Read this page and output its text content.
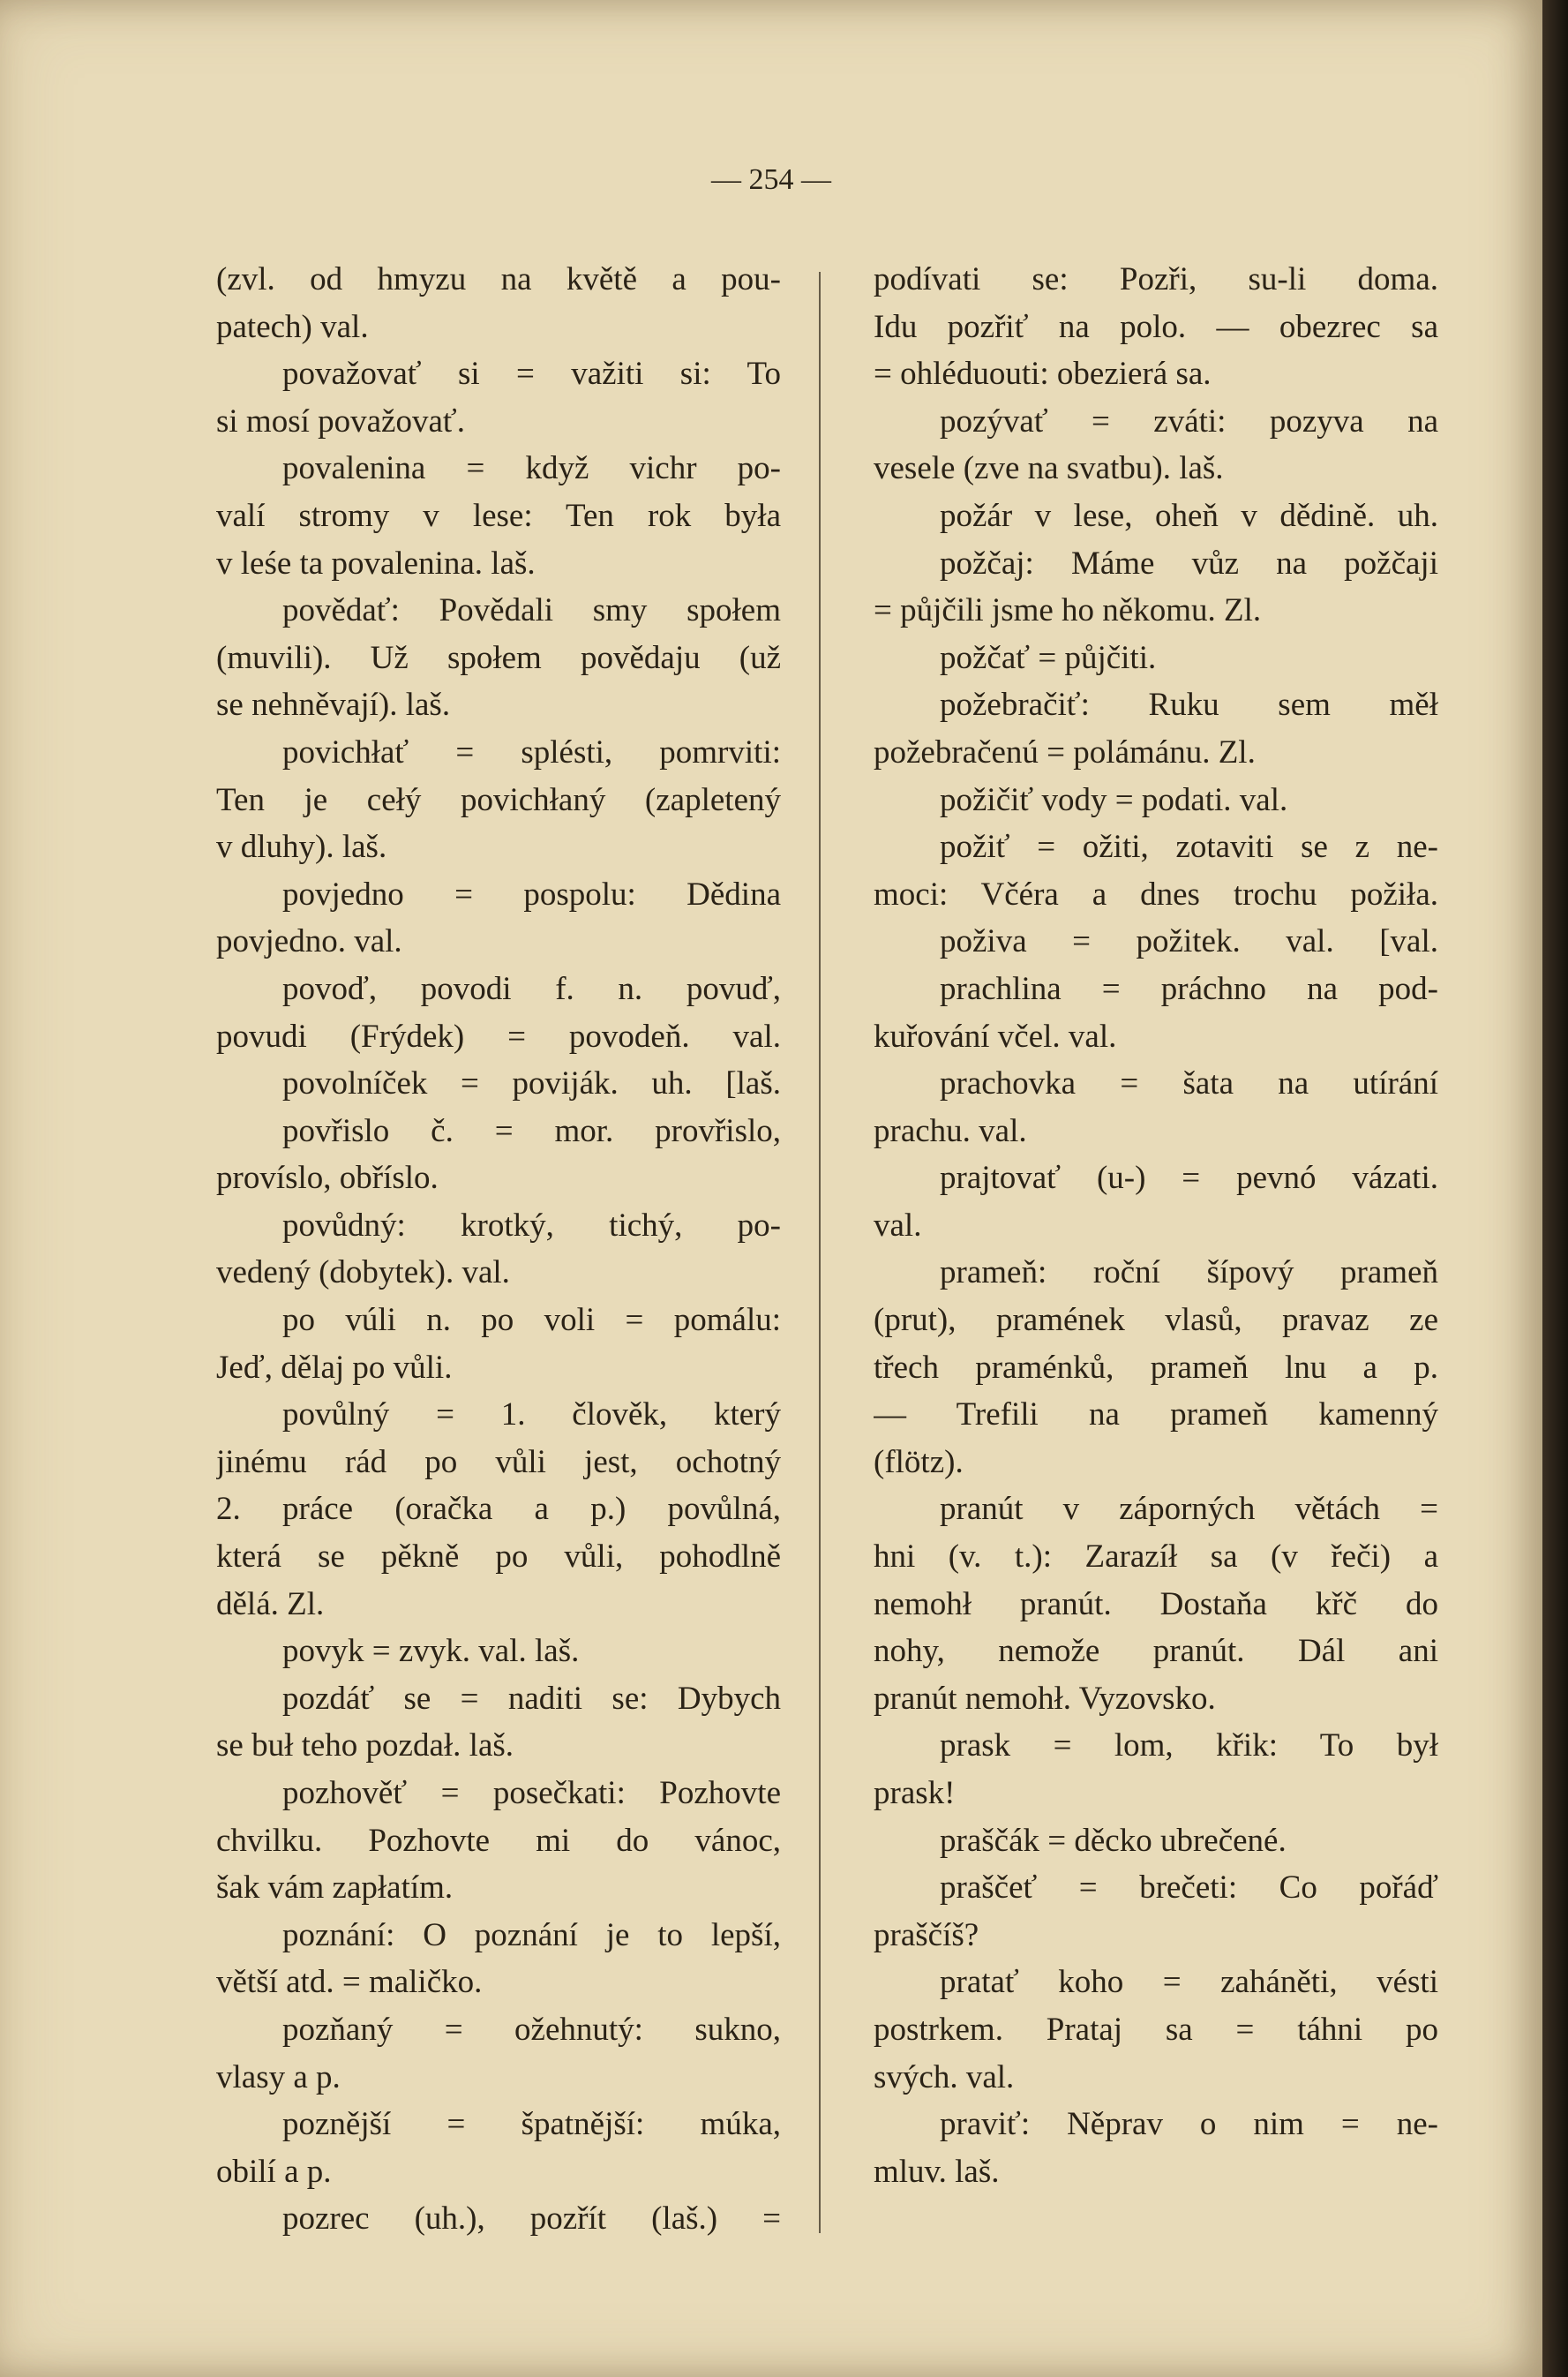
— 254 —
(zvl. od hmyzu na květě a pou-
patech) val.
považovať si = važiti si: To
si mosí považovať.
povalenina = když vichr po-
valí stromy v lese: Ten rok była
v leśe ta povalenina. laš.
povědať: Povědali smy społem
(muvili). Už społem povědaju (už
se nehněvají). laš.
povichłať = splésti, pomrviti:
Ten je cełý povichłaný (zapletený
v dluhy). laš.
povjedno = pospolu: Dědina
povjedno. val.
povoď, povodi f. n. povuď,
povudi (Frýdek) = povodeň. val.
povolníček = poviják. uh. [laš.
povřislo č. = mor. provřislo,
províslo, obříslo.
povůdný: krotký, tichý, po-
vedený (dobytek). val.
po vúli n. po voli = pomálu:
Jeď, dělaj po vůli.
povůlný = 1. člověk, který
jinému rád po vůli jest, ochotný
2. práce (oračka a p.) povůlná,
která se pěkně po vůli, pohodlně
dělá. Zl.
povyk = zvyk. val. laš.
pozdáť se = naditi se: Dybych
se buł teho pozdał. laš.
pozhověť = posečkati: Pozhovte
chvilku. Pozhovte mi do vánoc,
šak vám zapłatím.
poznání: O poznání je to lepší,
větší atd. = maličko.
pozňaný = ožehnutý: sukno,
vlasy a p.
poznější = špatnější: múka,
obilí a p.
pozrec (uh.), pozřít (laš.) =
podívati se: Pozři, su-li doma.
Idu pozřiť na polo. — obezrec sa
= ohléduouti: obezierá sa.
pozývať = zváti: pozyva na
vesele (zve na svatbu). laš.
požár v lese, oheň v dědině. uh.
požčaj: Máme vůz na požčaji
= půjčili jsme ho někomu. Zl.
požčať = půjčiti.
požebračiť: Ruku sem měł
požebračenú = polámánu. Zl.
požičiť vody = podati. val.
požiť = ožiti, zotaviti se z ne-
moci: Včéra a dnes trochu požiła.
poživa = požitek. val. [val.
prachlina = práchno na pod-
kuřování včel. val.
prachovka = šata na utírání
prachu. val.
prajtovať (u-) = pevnó vázati.
val.
prameň: roční šípový prameň
(prut), pramének vlasů, pravaz ze
třech praménků, prameň lnu a p.
— Trefili na prameň kamenný
(flötz).
pranút v záporných větách =
hni (v. t.): Zarazíł sa (v řeči) a
nemohł pranút. Dostaňa křč do
nohy, nemože pranút. Dál ani
pranút nemohł. Vyzovsko.
prask = lom, křik: To był
prask!
praščák = děcko ubrečené.
praščeť = brečeti: Co pořáď
praščíš?
pratať koho = zaháněti, vésti
postrkem. Prataj sa = táhni po
svých. val.
praviť: Něprav o nim = ne-
mluv. laš.
